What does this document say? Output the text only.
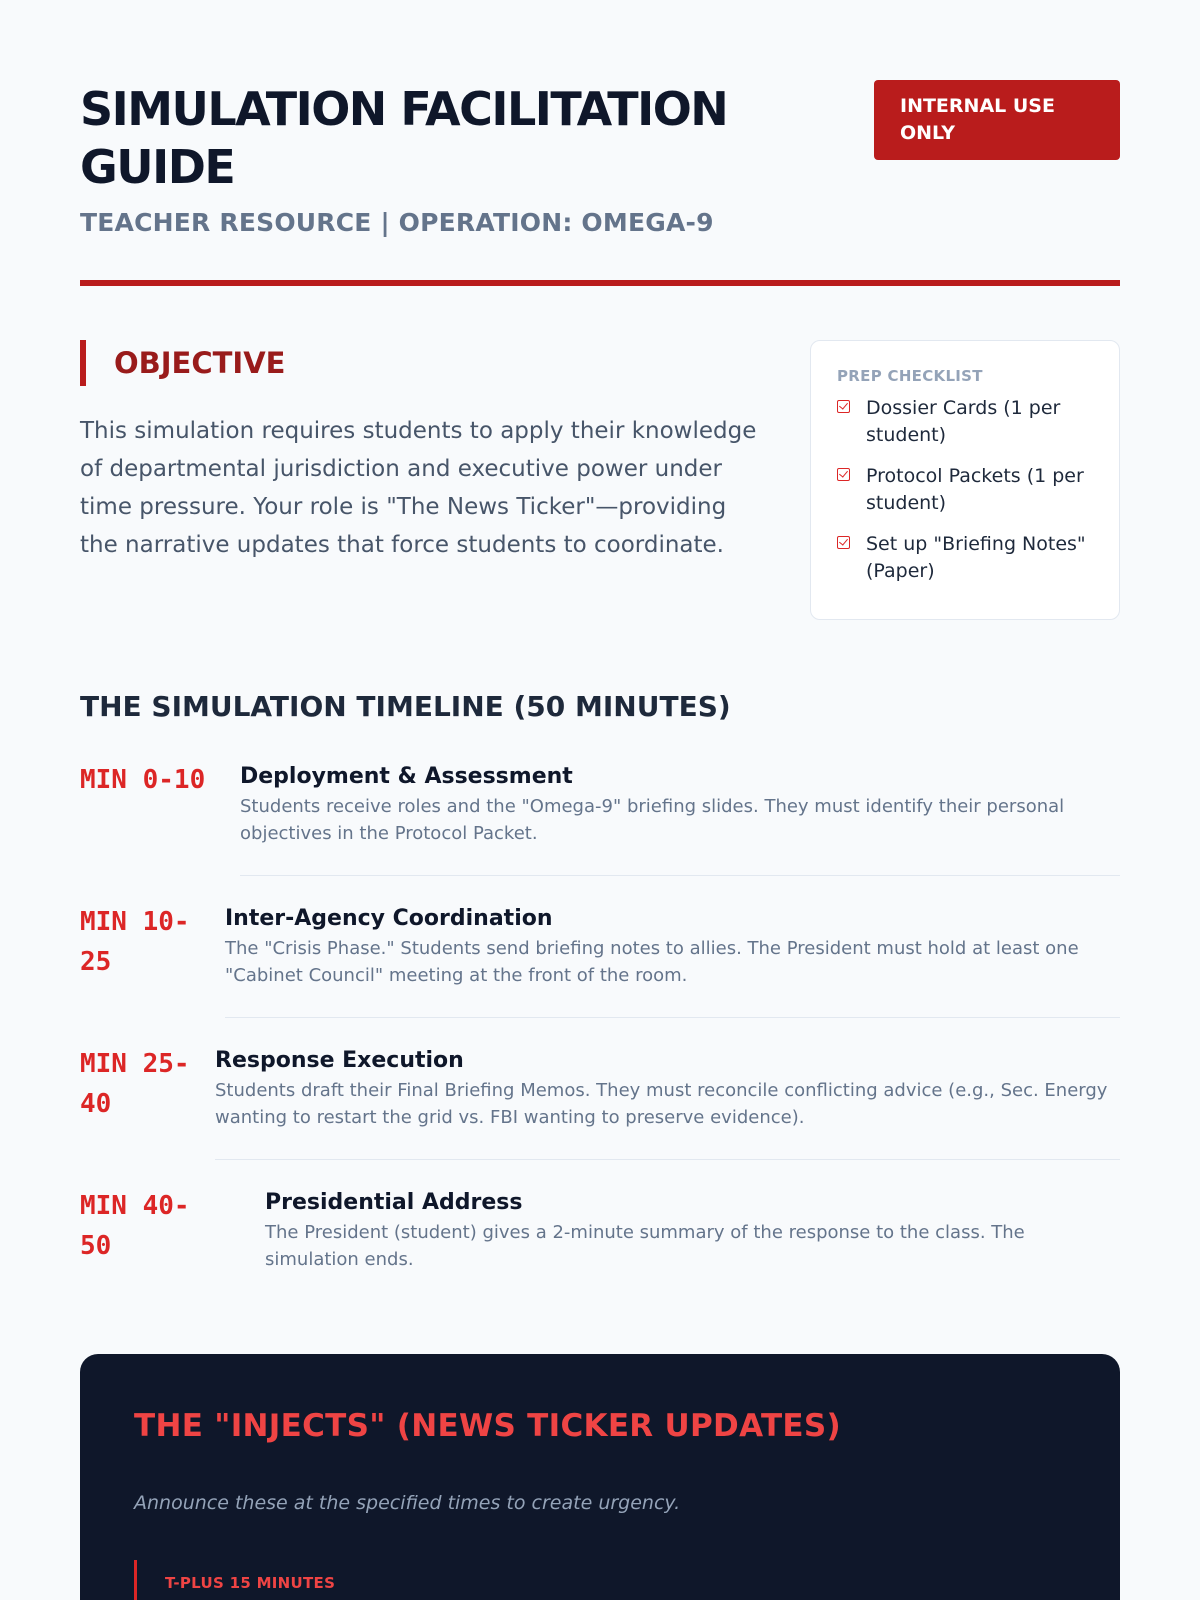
SIMULATION FACILITATION GUIDE
TEACHER RESOURCE | OPERATION: OMEGA-9
INTERNAL USE ONLY
OBJECTIVE

This simulation requires students to apply their knowledge of departmental jurisdiction and executive power under time pressure. Your role is "The News Ticker"—providing the narrative updates that force students to coordinate.

PREP CHECKLIST
Dossier Cards (1 per student)
Protocol Packets (1 per student)
Set up "Briefing Notes" (Paper)
THE SIMULATION TIMELINE (50 MINUTES)
MIN 0-10 Deployment & Assessment
Students receive roles and the "Omega-9" briefing slides. They must identify their personal objectives in the Protocol Packet.
MIN 10-25
Inter-Agency Coordination
The "Crisis Phase." Students send briefing notes to allies. The President must hold at least one "Cabinet Council" meeting at the front of the room.
MIN 25-40
Response Execution
Students draft their Final Briefing Memos. They must reconcile conflicting advice (e.g., Sec. Energy wanting to restart the grid vs. FBI wanting to preserve evidence).
MIN 40-50
Presidential Address
The President (student) gives a 2-minute summary of the response to the class. The simulation ends.
THE "INJECTS" (NEWS TICKER UPDATES)

Announce these at the specified times to create urgency.

T-PLUS 15 MINUTES
